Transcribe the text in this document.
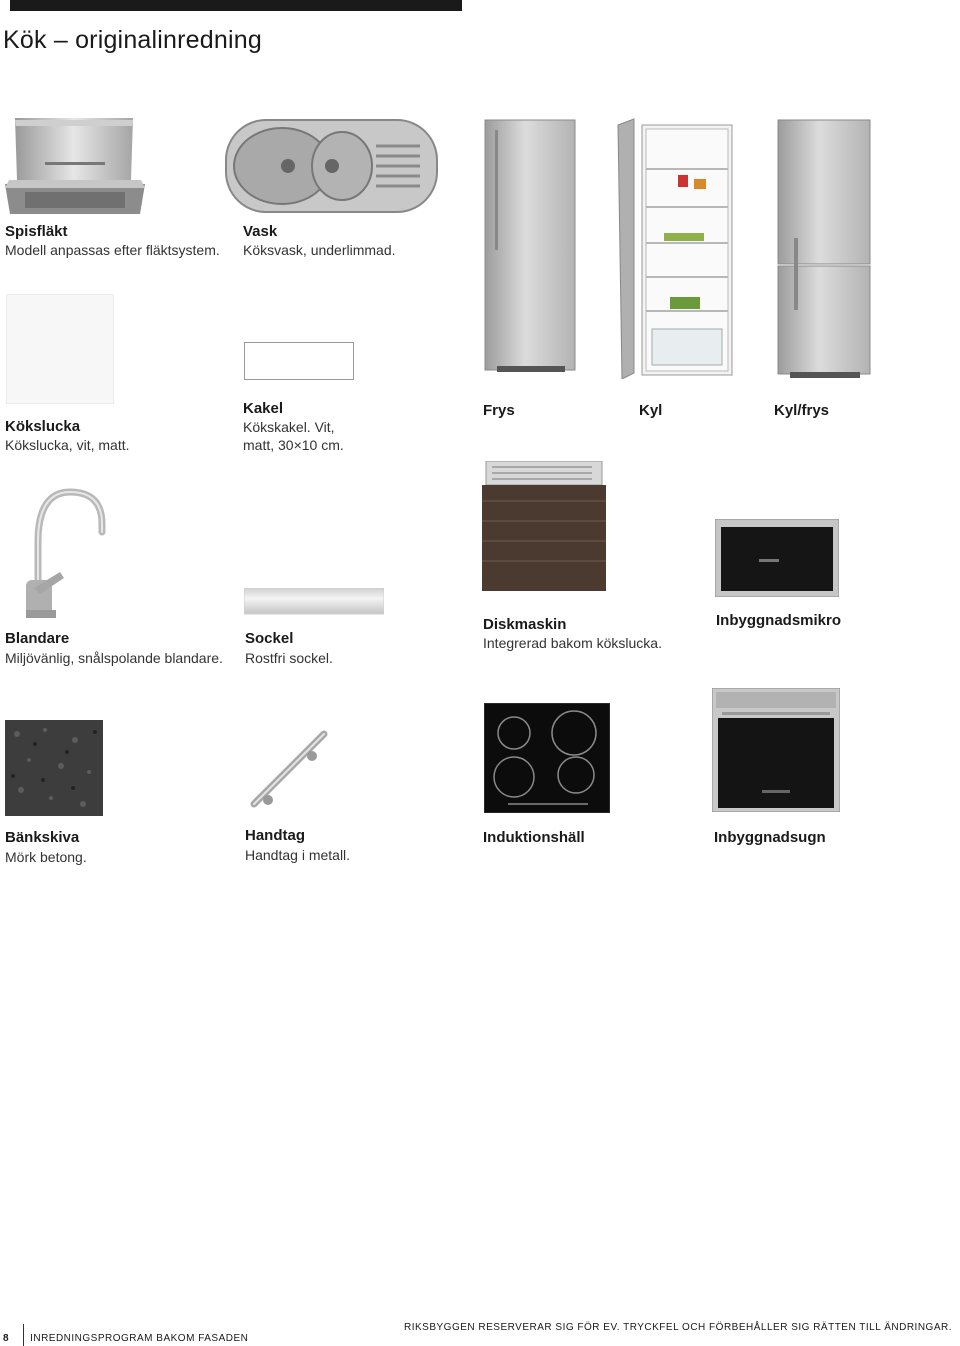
Kök – originalinredning
Spisfläkt
Modell anpassas efter fläktsystem.
Vask
Köksvask, underlimmad.
Frys	Kyl	Kyl/frys
Kökslucka
Kökslucka, vit, matt.
Kakel
Kökskakel. Vit,
matt, 30×10 cm.
Blandare
Miljövänlig, snålspolande blandare.
Sockel
Rostfri sockel.
Diskmaskin
Integrerad bakom kökslucka.
Inbyggnadsmikro
Bänkskiva
Mörk betong.
Handtag
Handtag i metall.
Induktionshäll	Inbyggnadsugn
8 INREDNINGSPROGRAM BAKOM FASADEN
RIKSBYGGEN RESERVERAR SIG FÖR EV. TRYCKFEL OCH FÖRBEHÅLLER SIG RÄTTEN TILL ÄNDRINGAR.
